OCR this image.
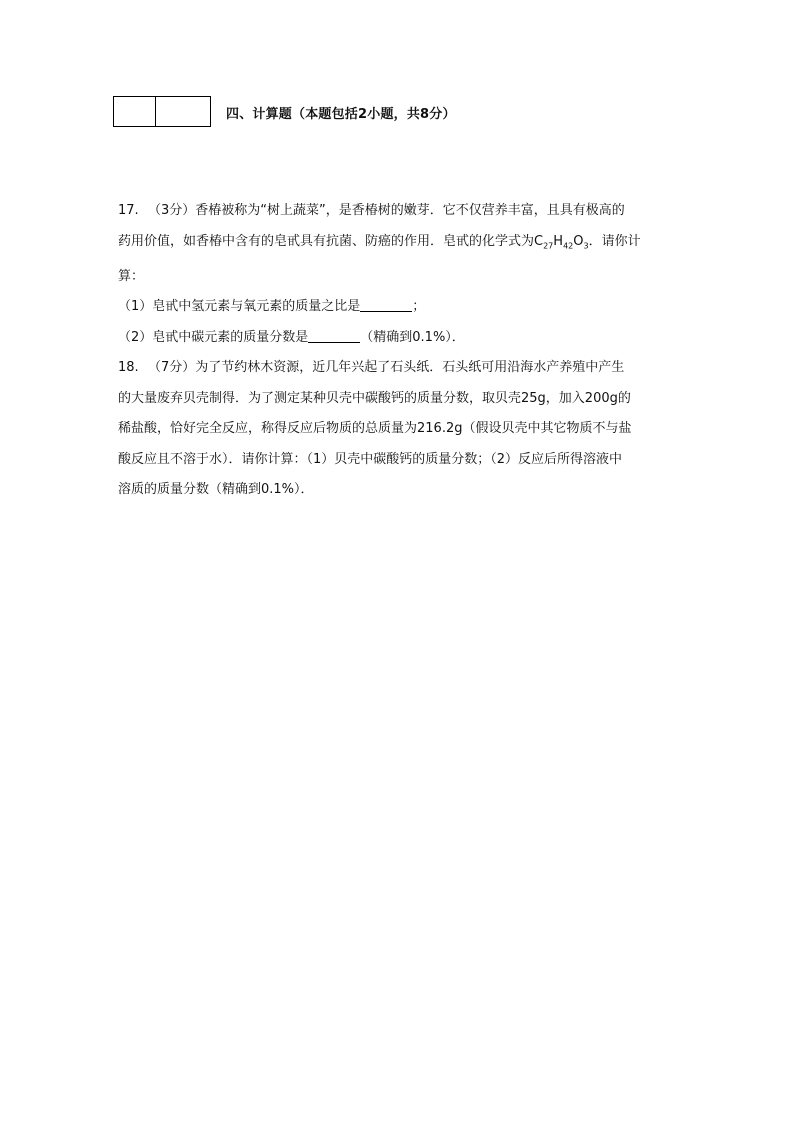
四、计算题（本题包括2小题，共8分）

17. （3分）香椿被称为“树上蔬菜”，是香椿树的嫩芽．它不仅营养丰富，且具有极高的

药用价值，如香椿中含有的皂甙具有抗菌、防癌的作用．皂甙的化学式为$C_{27}H_{42}O_3$．请你计

算：

（1）皂甙中氢元素与氧元素的质量之比是	；

（2）皂甙中碳元素的质量分数是	（精确到0.1%）．

18. （7分）为了节约林木资源，近几年兴起了石头纸．石头纸可用沿海水产养殖中产生

的大量废弃贝壳制得．为了测定某种贝壳中碳酸钙的质量分数，取贝壳25g，加入200g的

稀盐酸，恰好完全反应，称得反应后物质的总质量为216.2g（假设贝壳中其它物质不与盐

酸反应且不溶于水）．请你计算：（1）贝壳中碳酸钙的质量分数；（2）反应后所得溶液中

溶质的质量分数（精确到0.1%）．
